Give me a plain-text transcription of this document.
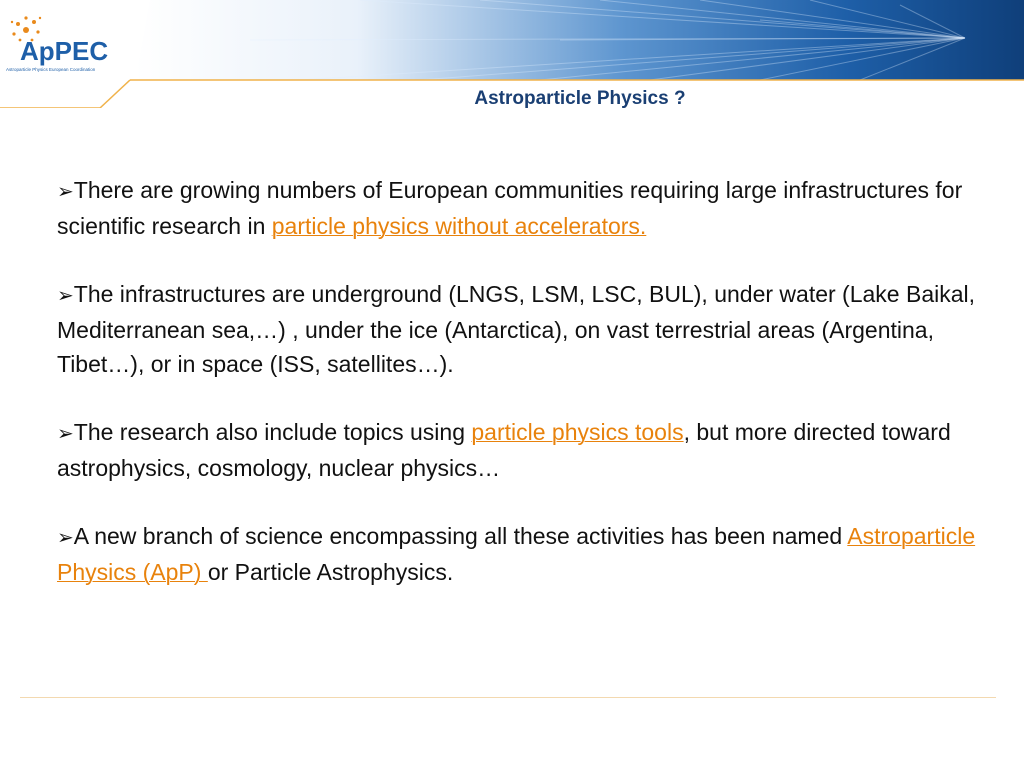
ApPEC
Astroparticle Physics European Coordination
Astroparticle Physics ?
➢There are growing numbers of European communities requiring large infrastructures for scientific research in particle physics without accelerators.
➢The infrastructures are underground (LNGS, LSM, LSC, BUL), under water (Lake Baikal, Mediterranean sea,…) , under the ice (Antarctica), on vast terrestrial areas (Argentina, Tibet…), or in space (ISS, satellites…).
➢The research also include topics using particle physics tools, but more directed toward astrophysics, cosmology, nuclear physics…
➢A new branch of science encompassing all these activities has been named Astroparticle Physics (ApP) or Particle Astrophysics.
